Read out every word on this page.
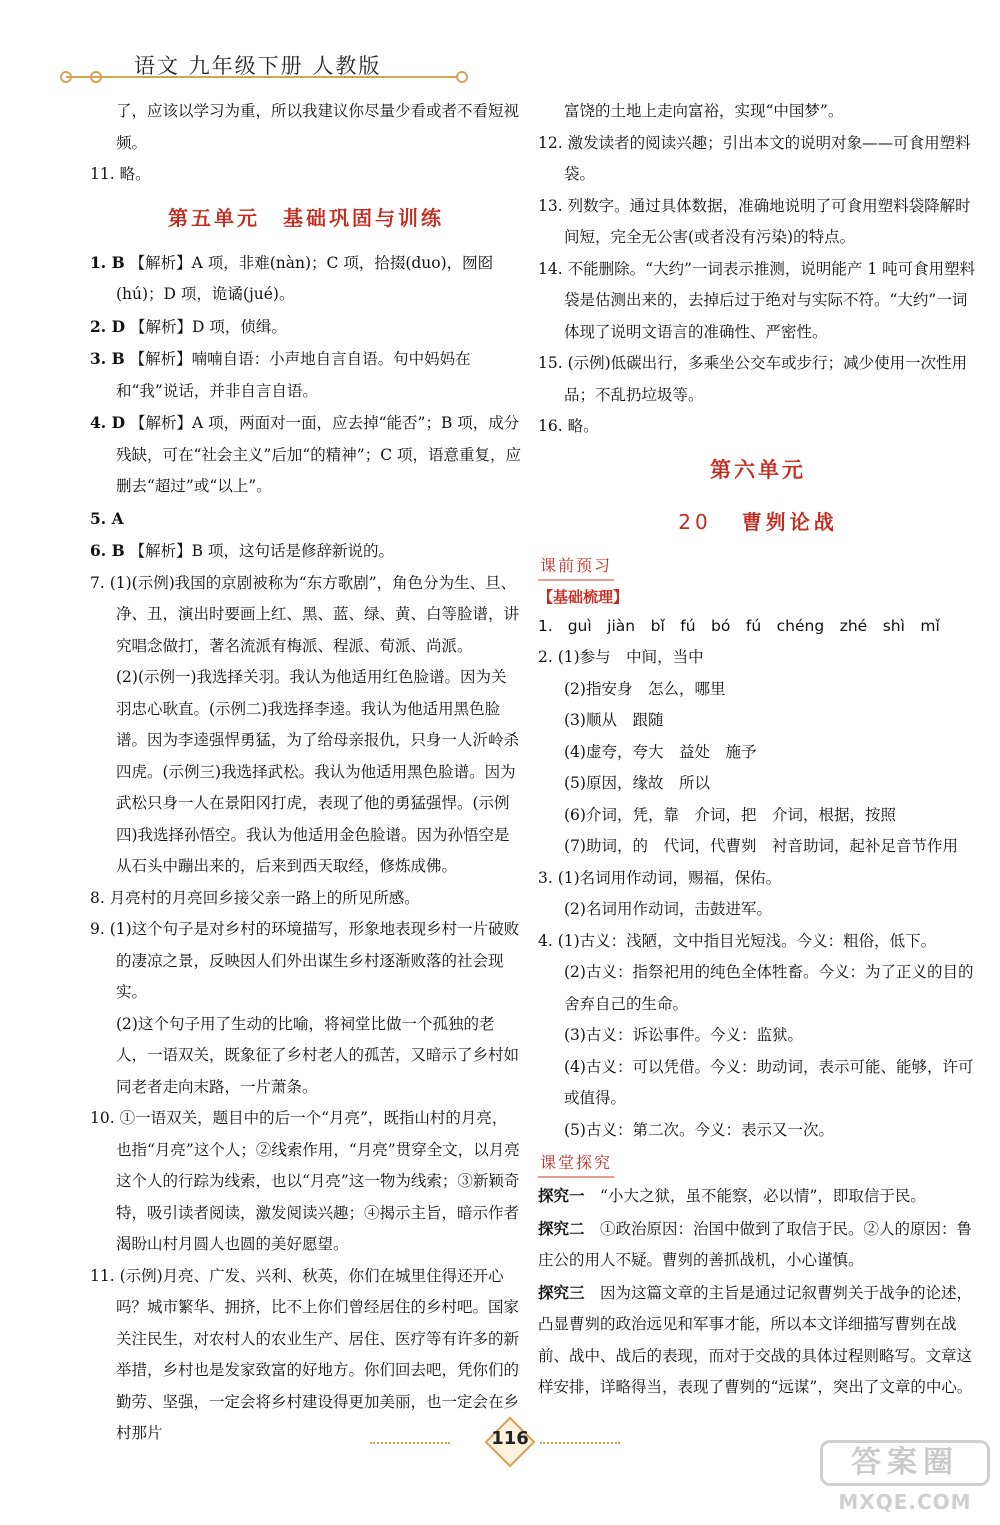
语文 九年级下册 人教版
了，应该以学习为重，所以我建议你尽量少看或者不看短视频。
11. 略。
第五单元　基础巩固与训练
1. B 【解析】A 项，非难(nàn)；C 项，拾掇(duo)，囫囵(hú)；D 项，诡谲(jué)。
2. D 【解析】D 项，侦缉。
3. B 【解析】喃喃自语：小声地自言自语。句中妈妈在和“我”说话，并非自言自语。
4. D 【解析】A 项，两面对一面，应去掉“能否”；B 项，成分残缺，可在“社会主义”后加“的精神”；C 项，语意重复，应删去“超过”或“以上”。
5. A
6. B 【解析】B 项，这句话是修辞新说的。
7. (1)(示例)我国的京剧被称为“东方歌剧”，角色分为生、旦、净、丑，演出时要画上红、黑、蓝、绿、黄、白等脸谱，讲究唱念做打，著名流派有梅派、程派、荀派、尚派。
(2)(示例一)我选择关羽。我认为他适用红色脸谱。因为关羽忠心耿直。(示例二)我选择李逵。我认为他适用黑色脸谱。因为李逵强悍勇猛，为了给母亲报仇，只身一人沂岭杀四虎。(示例三)我选择武松。我认为他适用黑色脸谱。因为武松只身一人在景阳冈打虎，表现了他的勇猛强悍。(示例四)我选择孙悟空。我认为他适用金色脸谱。因为孙悟空是从石头中蹦出来的，后来到西天取经，修炼成佛。
8. 月亮村的月亮回乡接父亲一路上的所见所感。
9. (1)这个句子是对乡村的环境描写，形象地表现乡村一片破败的凄凉之景，反映因人们外出谋生乡村逐渐败落的社会现实。
(2)这个句子用了生动的比喻，将祠堂比做一个孤独的老人，一语双关，既象征了乡村老人的孤苦，又暗示了乡村如同老者走向末路，一片萧条。
10. ①一语双关，题目中的后一个“月亮”，既指山村的月亮，也指“月亮”这个人；②线索作用，“月亮”贯穿全文，以月亮这个人的行踪为线索，也以“月亮”这一物为线索；③新颖奇特，吸引读者阅读，激发阅读兴趣；④揭示主旨，暗示作者渴盼山村月圆人也圆的美好愿望。
11. (示例)月亮、广发、兴利、秋英，你们在城里住得还开心吗？城市繁华、拥挤，比不上你们曾经居住的乡村吧。国家关注民生，对农村人的农业生产、居住、医疗等有许多的新举措，乡村也是发家致富的好地方。你们回去吧，凭你们的勤劳、坚强，一定会将乡村建设得更加美丽，也一定会在乡村那片
富饶的土地上走向富裕，实现“中国梦”。
12. 激发读者的阅读兴趣；引出本文的说明对象——可食用塑料袋。
13. 列数字。通过具体数据，准确地说明了可食用塑料袋降解时间短，完全无公害(或者没有污染)的特点。
14. 不能删除。“大约”一词表示推测，说明能产 1 吨可食用塑料袋是估测出来的，去掉后过于绝对与实际不符。“大约”一词体现了说明文语言的准确性、严密性。
15. (示例)低碳出行，多乘坐公交车或步行；减少使用一次性用品；不乱扔垃圾等。
16. 略。
第六单元
20 曹刿论战
课前预习
【基础梳理】
1. guì　jiàn　bǐ　fú　bó　fú　chéng　zhé　shì　mǐ
2. (1)参与　中间，当中
(2)指安身　怎么，哪里
(3)顺从　跟随
(4)虚夸，夸大　益处　施予
(5)原因，缘故　所以
(6)介词，凭，靠　介词，把　介词，根据，按照
(7)助词，的　代词，代曹刿　衬音助词，起补足音节作用
3. (1)名词用作动词，赐福，保佑。
(2)名词用作动词，击鼓进军。
4. (1)古义：浅陋，文中指目光短浅。今义：粗俗，低下。
(2)古义：指祭祀用的纯色全体牲畜。今义：为了正义的目的舍弃自己的生命。
(3)古义：诉讼事件。今义：监狱。
(4)古义：可以凭借。今义：助动词，表示可能、能够，许可或值得。
(5)古义：第二次。今义：表示又一次。
课堂探究
探究一　 “小大之狱，虽不能察，必以情”，即取信于民。
探究二　 ①政治原因：治国中做到了取信于民。②人的原因：鲁庄公的用人不疑。曹刿的善抓战机，小心谨慎。
探究三　 因为这篇文章的主旨是通过记叙曹刿关于战争的论述，凸显曹刿的政治远见和军事才能，所以本文详细描写曹刿在战前、战中、战后的表现，而对于交战的具体过程则略写。文章这样安排，详略得当，表现了曹刿的“远谋”，突出了文章的中心。
116
答案圈
MXQE.COM
